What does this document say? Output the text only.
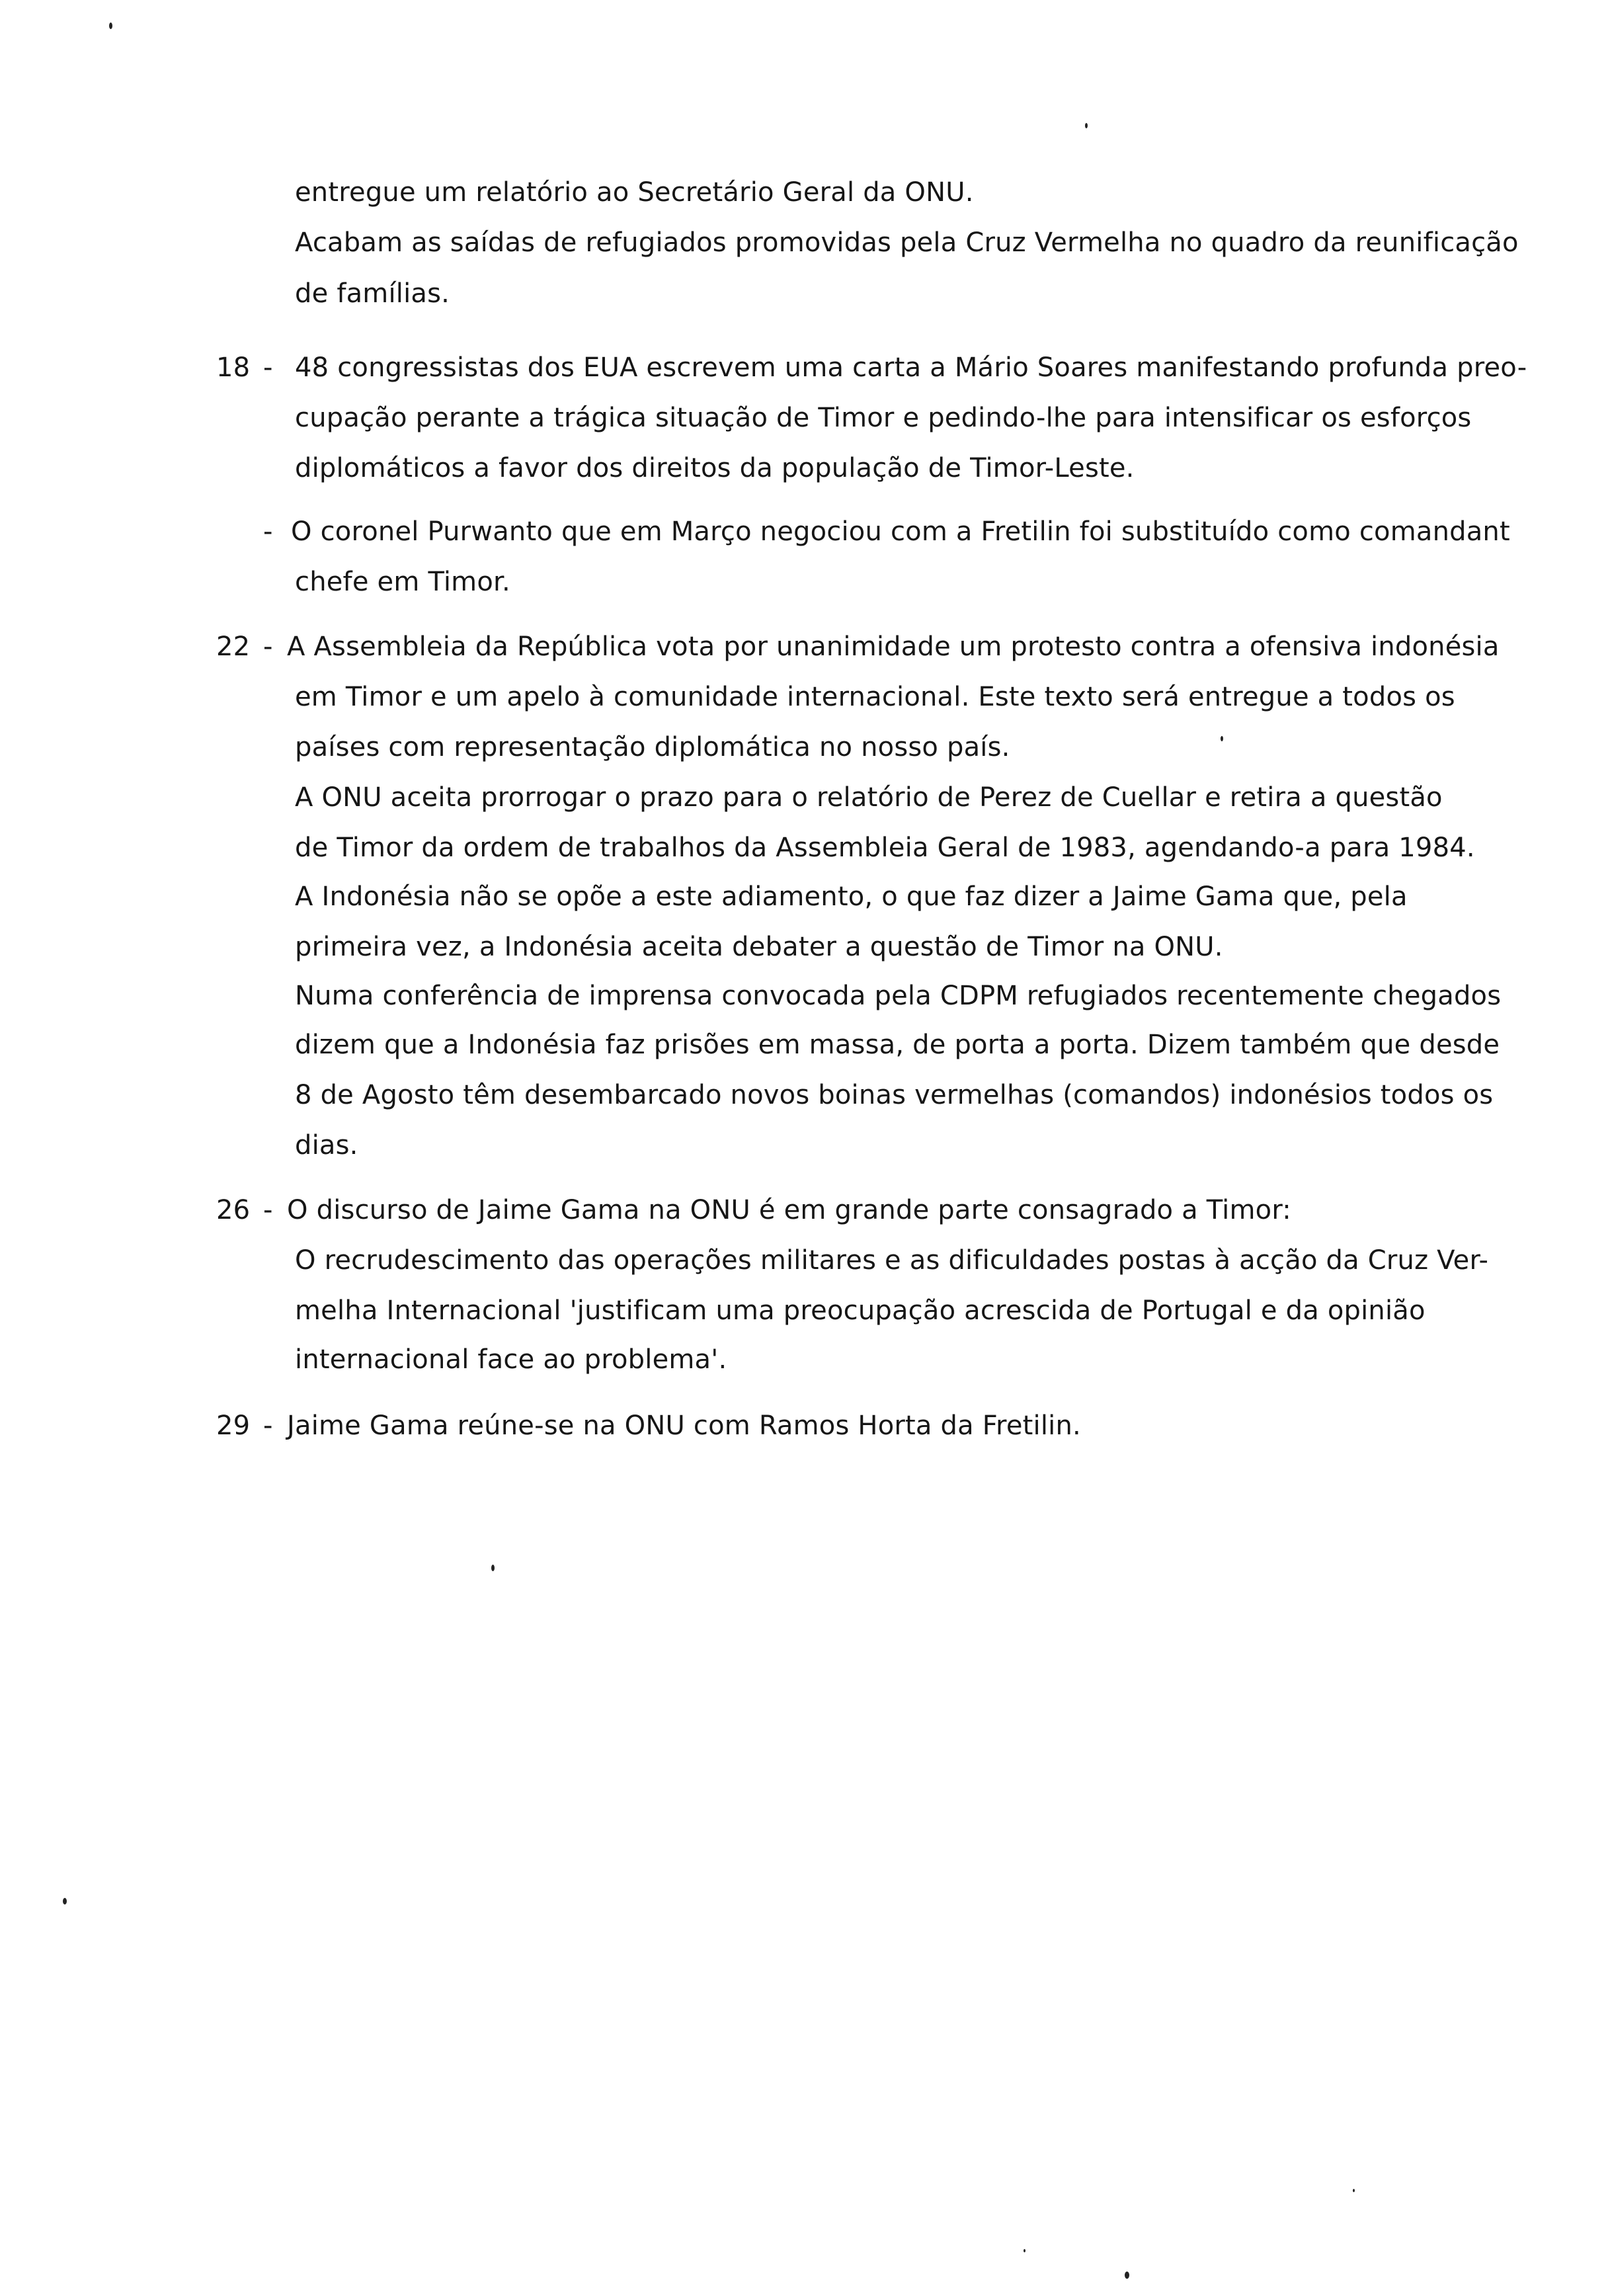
entregue um relatório ao Secretário Geral da ONU.
Acabam as saídas de refugiados promovidas pela Cruz Vermelha no quadro da reunificação
de famílias.
18 - 48 congressistas dos EUA escrevem uma carta a Mário Soares manifestando profunda preo-
cupação perante a trágica situação de Timor e pedindo-lhe para intensificar os esforços
diplomáticos a favor dos direitos da população de Timor-Leste.
- O coronel Purwanto que em Março negociou com a Fretilin foi substituído como comandant
chefe em Timor.
22 - A Assembleia da República vota por unanimidade um protesto contra a ofensiva indonésia
em Timor e um apelo à comunidade internacional. Este texto será entregue a todos os
países com representação diplomática no nosso país.
A ONU aceita prorrogar o prazo para o relatório de Perez de Cuellar e retira a questão
de Timor da ordem de trabalhos da Assembleia Geral de 1983, agendando-a para 1984.
A Indonésia não se opõe a este adiamento, o que faz dizer a Jaime Gama que, pela
primeira vez, a Indonésia aceita debater a questão de Timor na ONU.
Numa conferência de imprensa convocada pela CDPM refugiados recentemente chegados
dizem que a Indonésia faz prisões em massa, de porta a porta. Dizem também que desde
8 de Agosto têm desembarcado novos boinas vermelhas (comandos) indonésios todos os
dias.
26 - O discurso de Jaime Gama na ONU é em grande parte consagrado a Timor:
O recrudescimento das operações militares e as dificuldades postas à acção da Cruz Ver-
melha Internacional 'justificam uma preocupação acrescida de Portugal e da opinião
internacional face ao problema'.
29 - Jaime Gama reúne-se na ONU com Ramos Horta da Fretilin.
